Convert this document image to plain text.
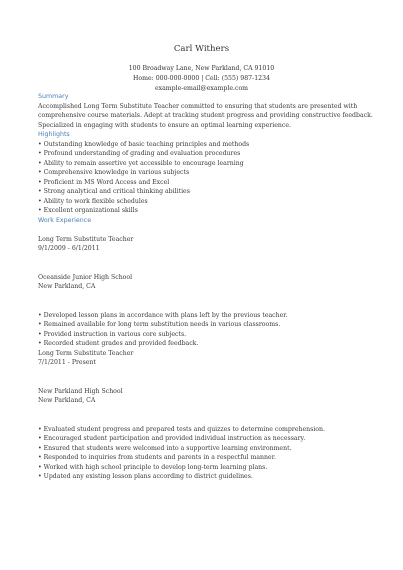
Carl Withers
100 Broadway Lane, New Parkland, CA 91010
Home: 000-000-0000 | Cell: (555) 987-1234
example-email@example.com
Summary

Accomplished Long Term Substitute Teacher committed to ensuring that students are presented with comprehensive course materials. Adept at tracking student progress and providing constructive feedback. Specialized in engaging with students to ensure an optimal learning experience.

Highlights
• Outstanding knowledge of basic teaching principles and methods
• Profound understanding of grading and evaluation procedures
• Ability to remain assertive yet accessible to encourage learning
• Comprehensive knowledge in various subjects
• Proficient in MS Word Access and Excel
• Strong analytical and critical thinking abilities
• Ability to work flexible schedules
• Excellent organizational skills
Work Experience
Long Term Substitute Teacher
9/1/2009 - 6/1/2011
Oceanside Junior High School
New Parkland, CA
• Developed lesson plans in accordance with plans left by the previous teacher.
• Remained available for long term substitution needs in various classrooms.
• Provided instruction in various core subjects.
• Recorded student grades and provided feedback.
Long Term Substitute Teacher
7/1/2011 - Present
New Parkland High School
New Parkland, CA
• Evaluated student progress and prepared tests and quizzes to determine comprehension.
• Encouraged student participation and provided individual instruction as necessary.
• Ensured that students were welcomed into a supportive learning environment.
• Responded to inquiries from students and parents in a respectful manner.
• Worked with high school principle to develop long-term learning plans.
• Updated any existing lesson plans according to district guidelines.
